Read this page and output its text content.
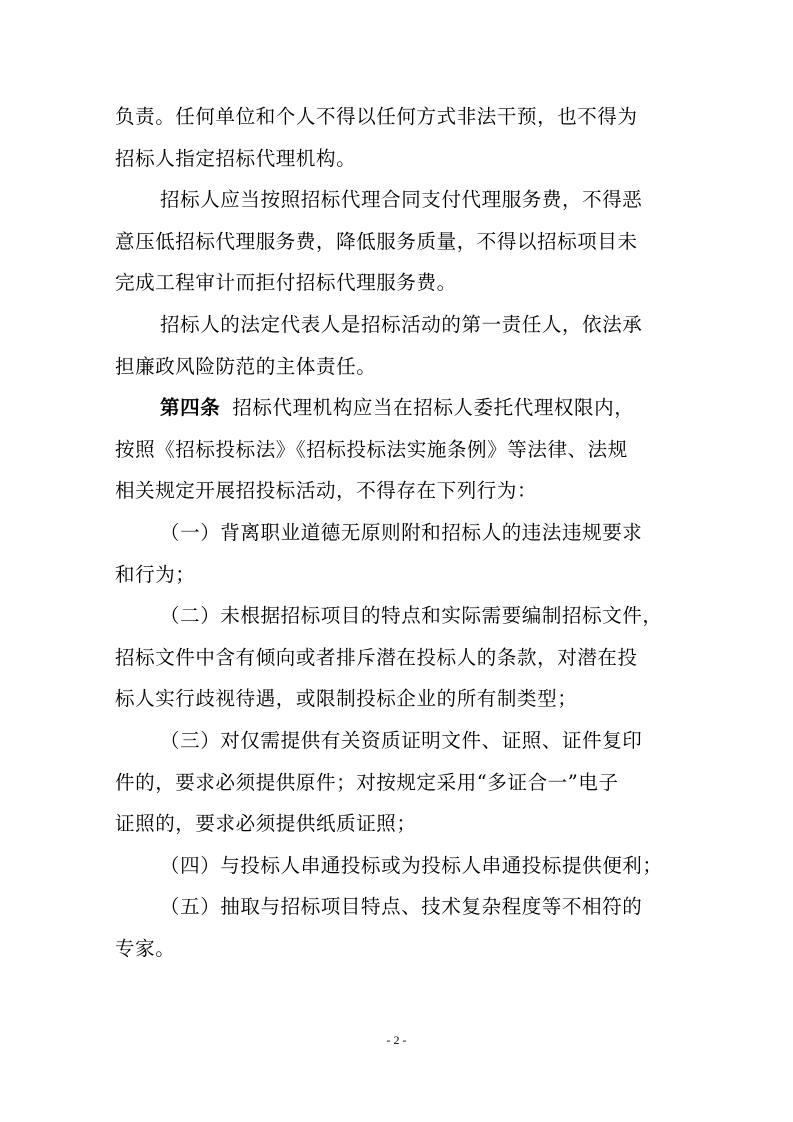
负责。任何单位和个人不得以任何方式非法干预，也不得为
招标人指定招标代理机构。
招标人应当按照招标代理合同支付代理服务费，不得恶
意压低招标代理服务费，降低服务质量，不得以招标项目未
完成工程审计而拒付招标代理服务费。
招标人的法定代表人是招标活动的第一责任人，依法承
担廉政风险防范的主体责任。
第四条 招标代理机构应当在招标人委托代理权限内，
按照《招标投标法》《招标投标法实施条例》等法律、法规
相关规定开展招投标活动，不得存在下列行为：
（一）背离职业道德无原则附和招标人的违法违规要求
和行为；
（二）未根据招标项目的特点和实际需要编制招标文件，
招标文件中含有倾向或者排斥潜在投标人的条款，对潜在投
标人实行歧视待遇，或限制投标企业的所有制类型；
（三）对仅需提供有关资质证明文件、证照、证件复印
件的，要求必须提供原件；对按规定采用“多证合一”电子
证照的，要求必须提供纸质证照；
（四）与投标人串通投标或为投标人串通投标提供便利；
（五）抽取与招标项目特点、技术复杂程度等不相符的
专家。
- 2 -
